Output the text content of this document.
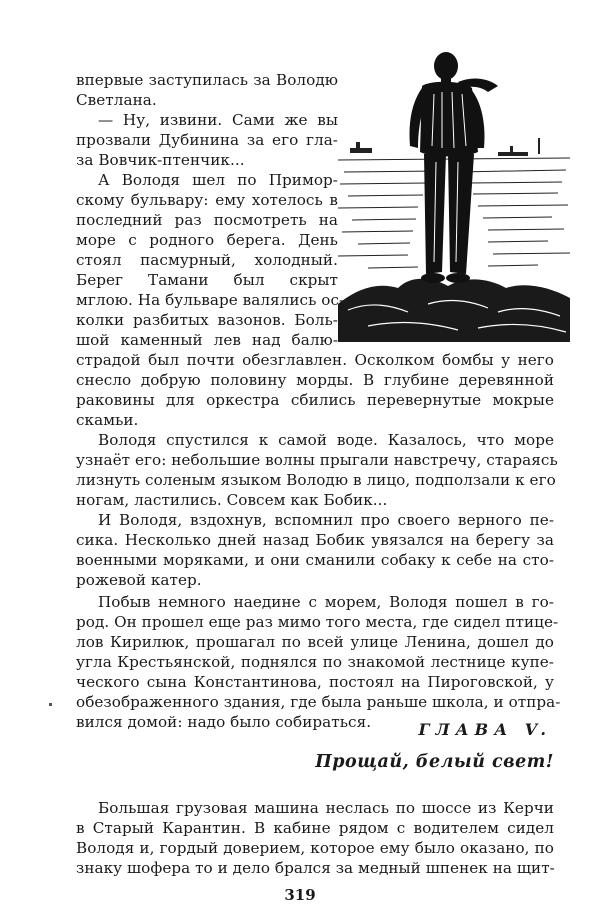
впервые заступилась за Володю
Светлана.
— Ну, извини. Сами же вы
прозвали Дубинина за его гла-
за Вовчик-птенчик...
А Володя шел по Примор-
скому бульвару: ему хотелось в
последний раз посмотреть на
море с родного берега. День
стоял пасмурный, холодный.
Берег Тамани был скрыт
мглою. На бульваре валялись ос-
колки разбитых вазонов. Боль-
шой каменный лев над балю-
страдой был почти обезглавлен. Осколком бомбы у него
снесло добрую половину морды. В глубине деревянной
раковины для оркестра сбились перевернутые мокрые
скамьи.
Володя спустился к самой воде. Казалось, что море
узнаёт его: небольшие волны прыгали навстречу, стараясь
лизнуть соленым языком Володю в лицо, подползали к его
ногам, ластились. Совсем как Бобик...
И Володя, вздохнув, вспомнил про своего верного пе-
сика. Несколько дней назад Бобик увязался на берегу за
военными моряками, и они сманили собаку к себе на сто-
рожевой катер.
Побыв немного наедине с морем, Володя пошел в го-
род. Он прошел еще раз мимо того места, где сидел птице-
лов Кирилюк, прошагал по всей улице Ленина, дошел до
угла Крестьянской, поднялся по знакомой лестнице купе-
ческого сына Константинова, постоял на Пироговской, у
обезображенного здания, где была раньше школа, и отпра-
вился домой: надо было собираться.	ГЛАВА V.
Прощай, белый свет!
Большая грузовая машина неслась по шоссе из Керчи
в Старый Карантин. В кабине рядом с водителем сидел
Володя и, гордый доверием, которое ему было оказано, по
знаку шофера то и дело брался за медный шпенек на щит-
319
